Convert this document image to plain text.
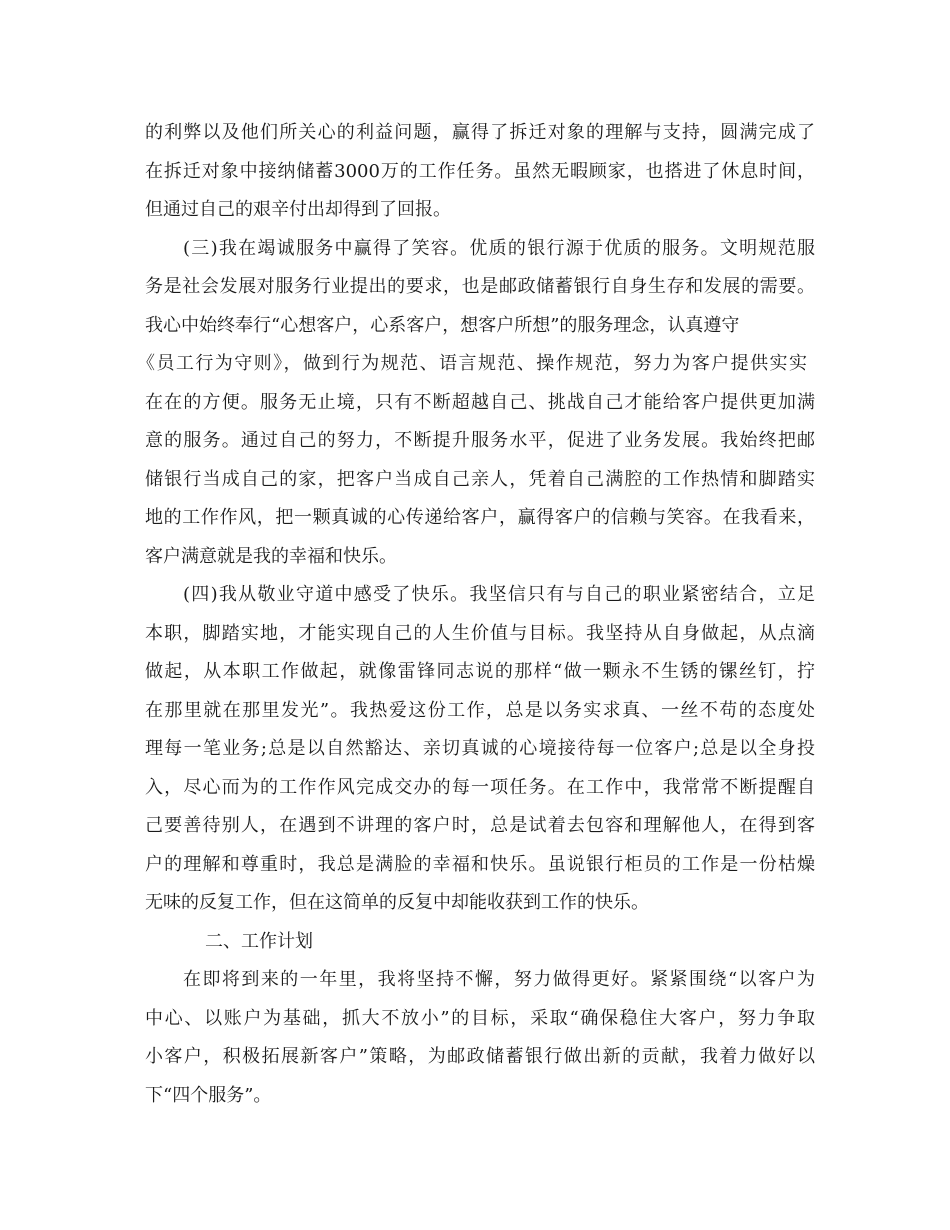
的利弊以及他们所关心的利益问题，赢得了拆迁对象的理解与支持，圆满完成了
在拆迁对象中接纳储蓄3000万的工作任务。虽然无暇顾家，也搭进了休息时间，
但通过自己的艰辛付出却得到了回报。
(三)我在竭诚服务中赢得了笑容。优质的银行源于优质的服务。文明规范服
务是社会发展对服务行业提出的要求，也是邮政储蓄银行自身生存和发展的需要。
我心中始终奉行“心想客户，心系客户，想客户所想”的服务理念，认真遵守
《员工行为守则》，做到行为规范、语言规范、操作规范，努力为客户提供实实
在在的方便。服务无止境，只有不断超越自己、挑战自己才能给客户提供更加满
意的服务。通过自己的努力，不断提升服务水平，促进了业务发展。我始终把邮
储银行当成自己的家，把客户当成自己亲人，凭着自己满腔的工作热情和脚踏实
地的工作作风，把一颗真诚的心传递给客户，赢得客户的信赖与笑容。在我看来，
客户满意就是我的幸福和快乐。
(四)我从敬业守道中感受了快乐。我坚信只有与自己的职业紧密结合，立足
本职，脚踏实地，才能实现自己的人生价值与目标。我坚持从自身做起，从点滴
做起，从本职工作做起，就像雷锋同志说的那样“做一颗永不生锈的镙丝钉，拧
在那里就在那里发光”。我热爱这份工作，总是以务实求真、一丝不苟的态度处
理每一笔业务;总是以自然豁达、亲切真诚的心境接待每一位客户;总是以全身投
入，尽心而为的工作作风完成交办的每一项任务。在工作中，我常常不断提醒自
己要善待别人，在遇到不讲理的客户时，总是试着去包容和理解他人，在得到客
户的理解和尊重时，我总是满脸的幸福和快乐。虽说银行柜员的工作是一份枯燥
无味的反复工作，但在这简单的反复中却能收获到工作的快乐。
二、工作计划
在即将到来的一年里，我将坚持不懈，努力做得更好。紧紧围绕“以客户为
中心、以账户为基础，抓大不放小”的目标，采取“确保稳住大客户，努力争取
小客户，积极拓展新客户”策略，为邮政储蓄银行做出新的贡献，我着力做好以
下“四个服务”。
